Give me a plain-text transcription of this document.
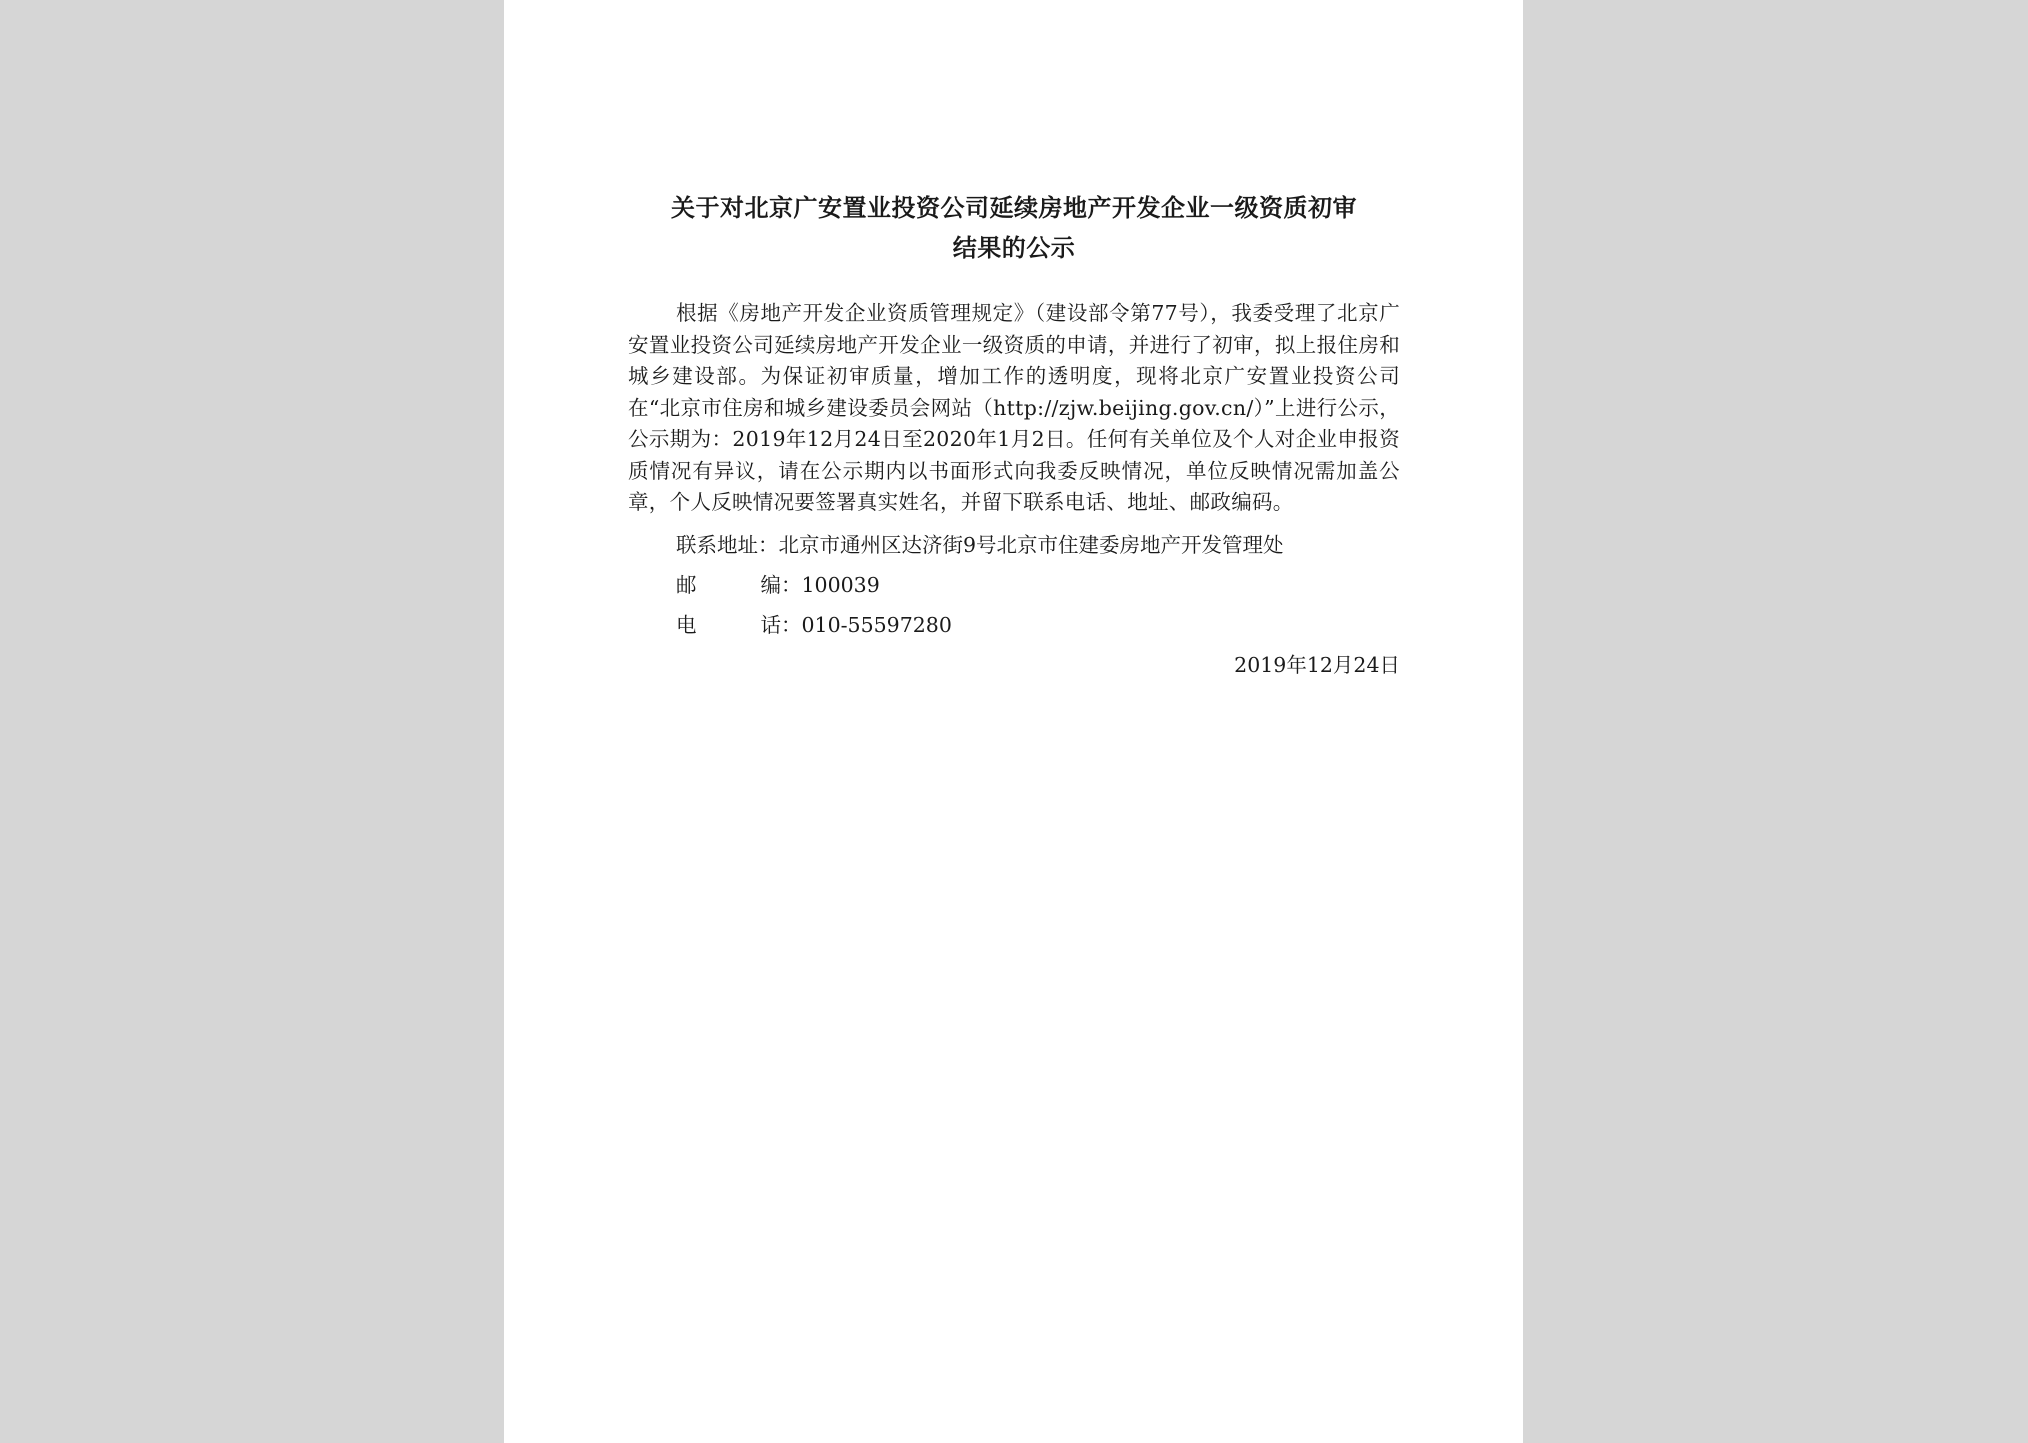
关于对北京广安置业投资公司延续房地产开发企业一级资质初审
结果的公示

根据《房地产开发企业资质管理规定》（建设部令第77号），我委受理了北京广安置业投资公司延续房地产开发企业一级资质的申请，并进行了初审，拟上报住房和城乡建设部。为保证初审质量，增加工作的透明度，现将北京广安置业投资公司在“北京市住房和城乡建设委员会网站（http://zjw.beijing.gov.cn/）”上进行公示，公示期为：2019年12月24日至2020年1月2日。任何有关单位及个人对企业申报资质情况有异议，请在公示期内以书面形式向我委反映情况，单位反映情况需加盖公章，个人反映情况要签署真实姓名，并留下联系电话、地址、邮政编码。

联系地址 ： 北京市通州区达济街9号北京市住建委房地产开发管理处
邮	编 ： 100039
电	话 ： 010-55597280
2019年12月24日
